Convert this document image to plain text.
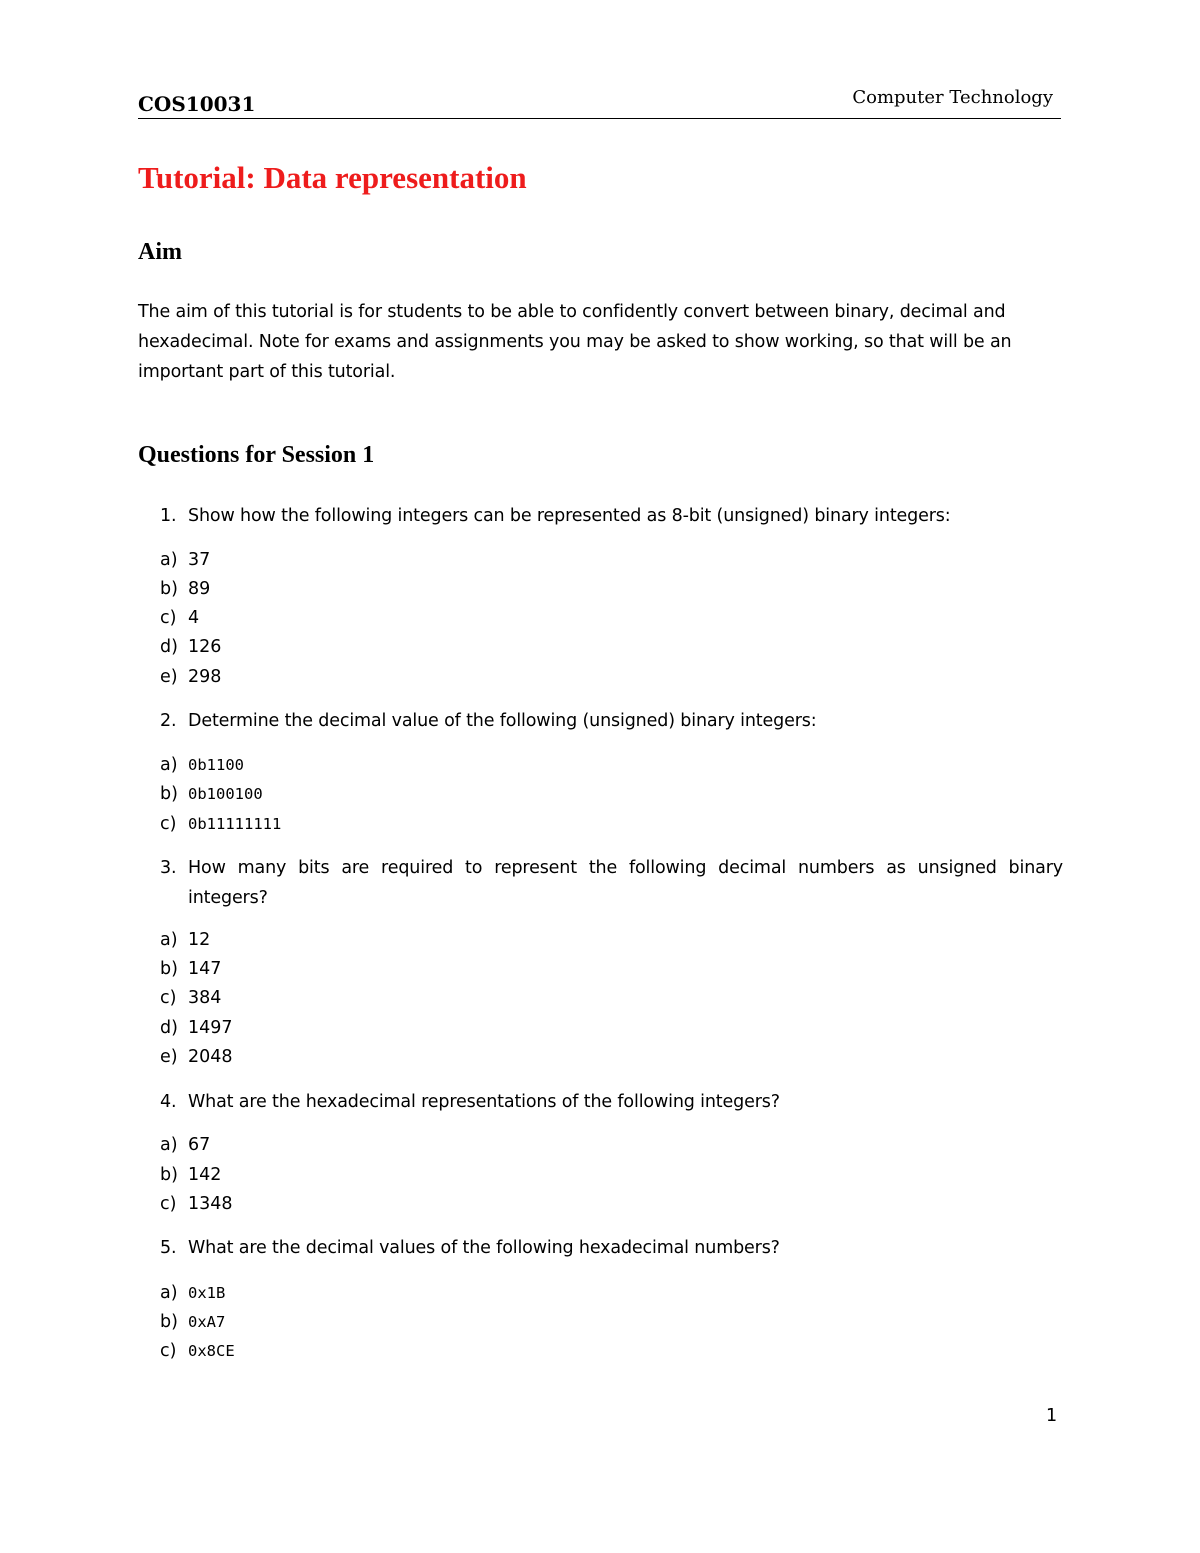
COS10031	Computer Technology
Tutorial: Data representation
Aim

The aim of this tutorial is for students to be able to confidently convert between binary, decimal and hexadecimal. Note for exams and assignments you may be asked to show working, so that will be an important part of this tutorial.

Questions for Session 1
1. Show how the following integers can be represented as 8-bit (unsigned) binary integers:
a) 37
b) 89
c) 4
d) 126
e) 298
2. Determine the decimal value of the following (unsigned) binary integers:
a) 0b1100
b) 0b100100
c) 0b11111111
3. How many bits are required to represent the following decimal numbers as unsigned binary integers?
a) 12
b) 147
c) 384
d) 1497
e) 2048
4. What are the hexadecimal representations of the following integers?
a) 67
b) 142
c) 1348
5. What are the decimal values of the following hexadecimal numbers?
a) 0x1B
b) 0xA7
c) 0x8CE
1
